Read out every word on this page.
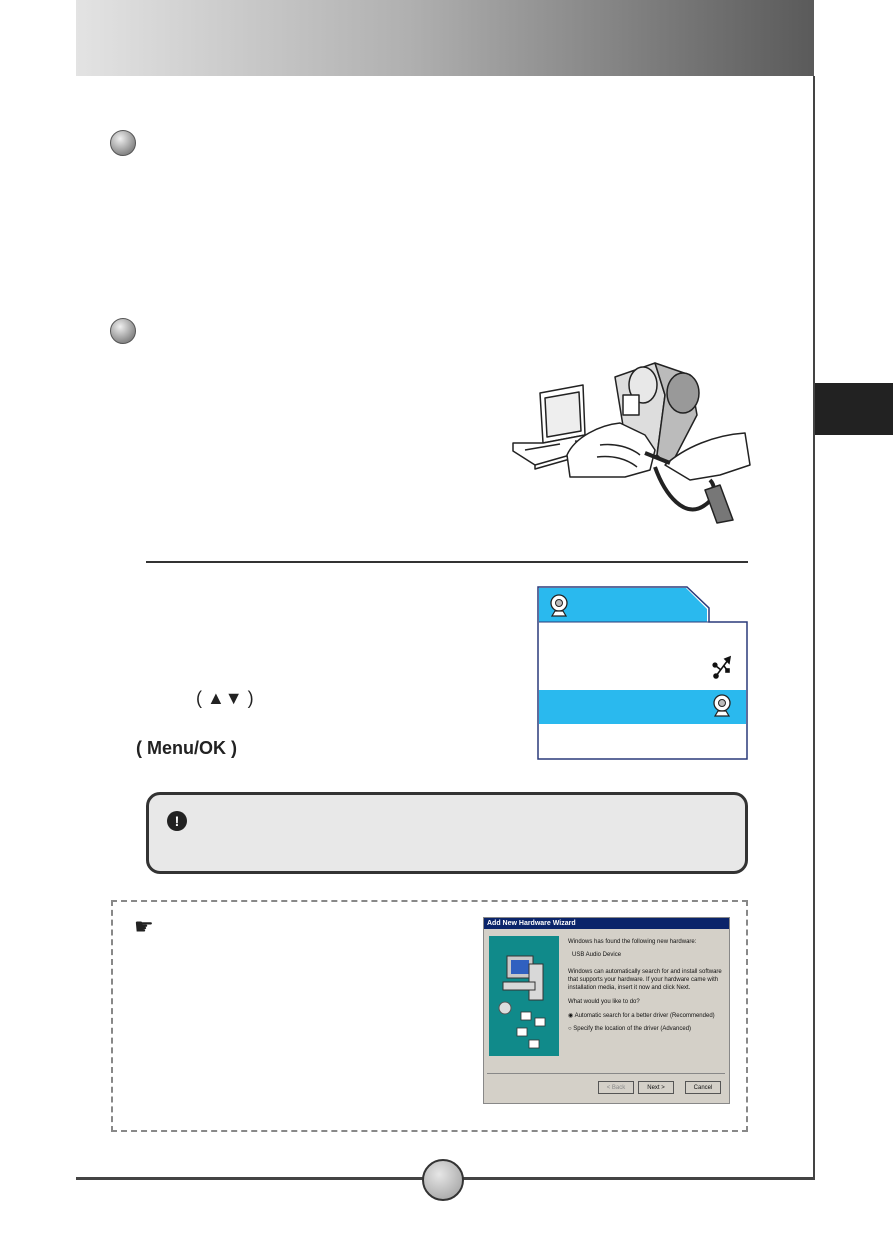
( ▲▼ )
( Menu/OK )
!
☛	Add New Hardware Wizard
Windows has found the following new hardware:
USB Audio Device
Windows can automatically search for and install software
that supports your hardware. If your hardware came with
installation media, insert it now and click Next.
What would you like to do?
◉ Automatic search for a better driver (Recommended)
○ Specify the location of the driver (Advanced)
< Back	Next >	Cancel
